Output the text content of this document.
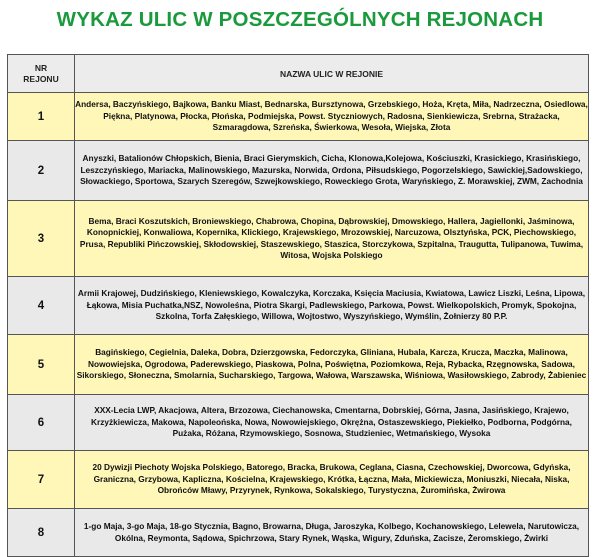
WYKAZ ULIC W POSZCZEGÓLNYCH REJONACH
NR
REJONU	NAZWA ULIC W REJONIE
1	Andersa, Baczyńskiego, Bajkowa, Banku Miast, Bednarska, Bursztynowa, Grzebskiego, Hoża, Kręta, Miła, Nadrzeczna, Osiedlowa, Piękna, Platynowa, Płocka, Płońska, Podmiejska, Powst. Styczniowych, Radosna, Sienkiewicza, Srebrna, Strażacka, Szmaragdowa, Szreńska, Świerkowa, Wesoła, Wiejska, Złota
2	Anyszki, Batalionów Chłopskich, Bienia, Braci Gierymskich, Cicha, Klonowa,Kolejowa, Kościuszki, Krasickiego, Krasińskiego, Leszczyńskiego, Mariacka, Malinowskiego, Mazurska, Norwida, Ordona, Piłsudskiego, Pogorzelskiego, Sawickiej,Sadowskiego, Słowackiego, Sportowa, Szarych Szeregów, Szwejkowskiego, Roweckiego Grota, Waryńskiego, Z. Morawskiej, ZWM, Zachodnia
3	Bema, Braci Koszutskich, Broniewskiego, Chabrowa, Chopina, Dąbrowskiej, Dmowskiego, Hallera, Jagiellonki, Jaśminowa, Konopnickiej, Konwaliowa, Kopernika, Klickiego, Krajewskiego, Mrozowskiej, Narcuzowa, Olsztyńska, PCK, Piechowskiego, Prusa, Republiki Pińczowskiej, Skłodowskiej, Staszewskiego, Staszica, Storczykowa, Szpitalna, Traugutta, Tulipanowa, Tuwima, Witosa, Wojska Polskiego
4	Armii Krajowej, Dudzińskiego, Kleniewskiego, Kowalczyka, Korczaka, Księcia Maciusia, Kwiatowa, Lawicz Liszki, Leśna, Lipowa, Łąkowa, Misia Puchatka,NSZ, Nowoleśna, Piotra Skargi, Padlewskiego, Parkowa, Powst. Wielkopolskich, Promyk, Spokojna, Szkolna, Torfa Załęskiego, Willowa, Wojtostwo, Wyszyńskiego, Wymślin, Żołnierzy 80 P.P.
5	Bagińskiego, Cegielnia, Daleka, Dobra, Dzierzgowska, Fedorczyka, Gliniana, Hubala, Karcza, Krucza, Maczka, Malinowa, Nowowiejska, Ogrodowa, Paderewskiego, Piaskowa, Polna, Poświętna, Poziomkowa, Reja, Rybacka, Rzęgnowska, Sadowa, Sikorskiego, Słoneczna, Smolarnia, Sucharskiego, Targowa, Wałowa, Warszawska, Wiśniowa, Wasiłowskiego, Zabrody, Żabieniec
6	XXX-Lecia LWP, Akacjowa, Altera, Brzozowa, Ciechanowska, Cmentarna, Dobrskiej, Górna, Jasna, Jasińskiego, Krajewo, Krzyżkiewicza, Makowa, Napoleońska, Nowa, Nowowiejskiego, Okrężna, Ostaszewskiego, Piekiełko, Podborna, Podgórna, Pużaka, Różana, Rzymowskiego, Sosnowa, Studzieniec, Wetmańskiego, Wysoka
7	20 Dywizji Piechoty Wojska Polskiego, Batorego, Bracka, Brukowa, Ceglana, Ciasna, Czechowskiej, Dworcowa, Gdyńska, Graniczna, Grzybowa, Kapliczna, Kościelna, Krajewskiego, Krótka, Łączna, Mała, Mickiewicza, Moniuszki, Niecała, Niska, Obrońców Mławy, Przyrynek, Rynkowa, Sokalskiego, Turystyczna, Żuromińska, Żwirowa
8	1-go Maja, 3-go Maja, 18-go Stycznia, Bagno, Browarna, Długa, Jaroszyka, Kolbego, Kochanowskiego, Lelewela, Narutowicza, Okólna, Reymonta, Sądowa, Spichrzowa, Stary Rynek, Wąska, Wigury, Zduńska, Zacisze, Żeromskiego, Żwirki
